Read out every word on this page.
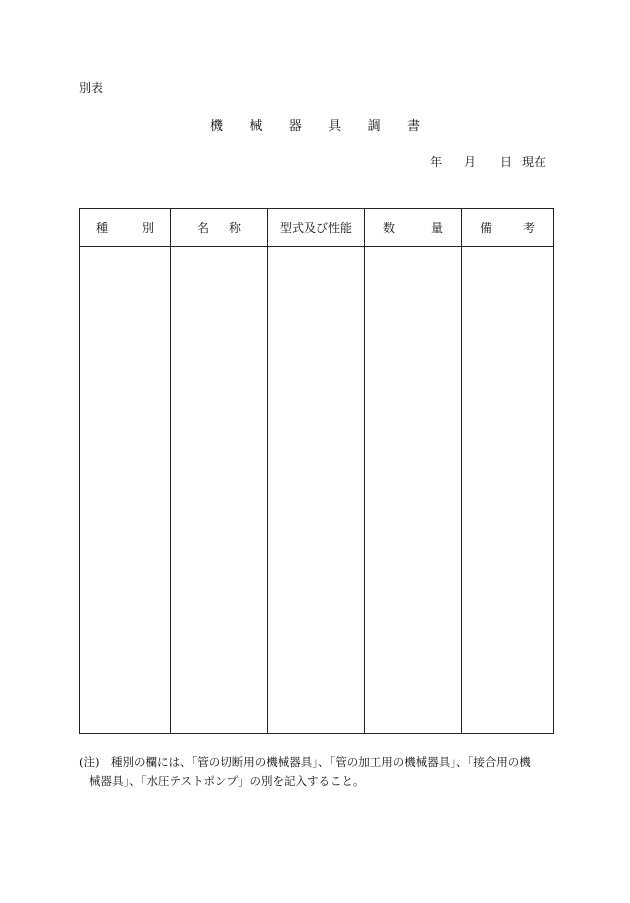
別表
機 械 器 具 調 書
年 月 日 現在
種 別	名 称	型式及び性能	数 量	備 考

(注)　種別の欄には、「管の切断用の機械器具」、「管の加工用の機械器具」、「接合用の機
械器具」、「水圧テストポンプ」の別を記入すること。
